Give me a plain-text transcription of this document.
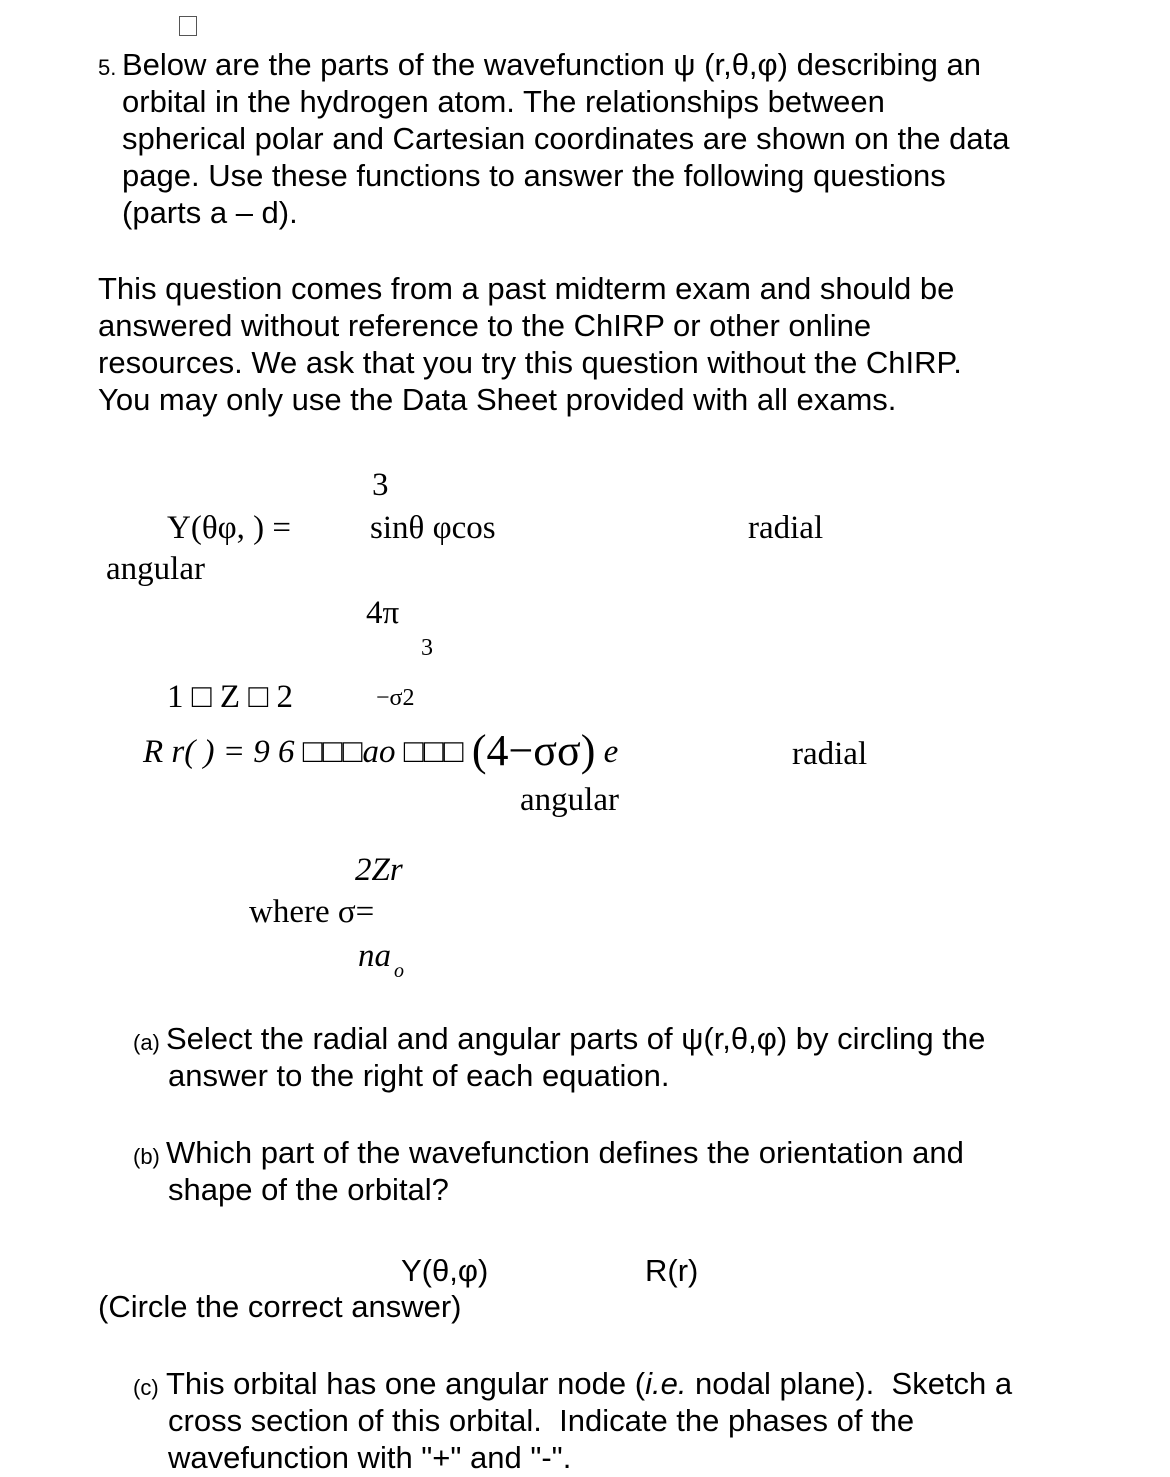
5. Below are the parts of the wavefunction ψ (r,θ,φ) describing an
orbital in the hydrogen atom. The relationships between
spherical polar and Cartesian coordinates are shown on the data
page. Use these functions to answer the following questions
(parts a – d).
This question comes from a past midterm exam and should be
answered without reference to the ChIRP or other online
resources. We ask that you try this question without the ChIRP.
You may only use the Data Sheet provided with all exams.
3
Y(θφ, ) = sinθ φcos	radial
angular
4π
3
1 □ Z □ 2	−σ2
R r( ) = 9 6 □□□ao □□□ (4−σσ) e	radial
angular
2Zr
where σ=
na o
(a) Select the radial and angular parts of ψ(r,θ,φ) by circling the
answer to the right of each equation.
(b) Which part of the wavefunction defines the orientation and
shape of the orbital?
Y(θ,φ)	R(r)
(Circle the correct answer)
(c) This orbital has one angular node (i.e. nodal plane).  Sketch a
cross section of this orbital.  Indicate the phases of the
wavefunction with "+" and "-".
